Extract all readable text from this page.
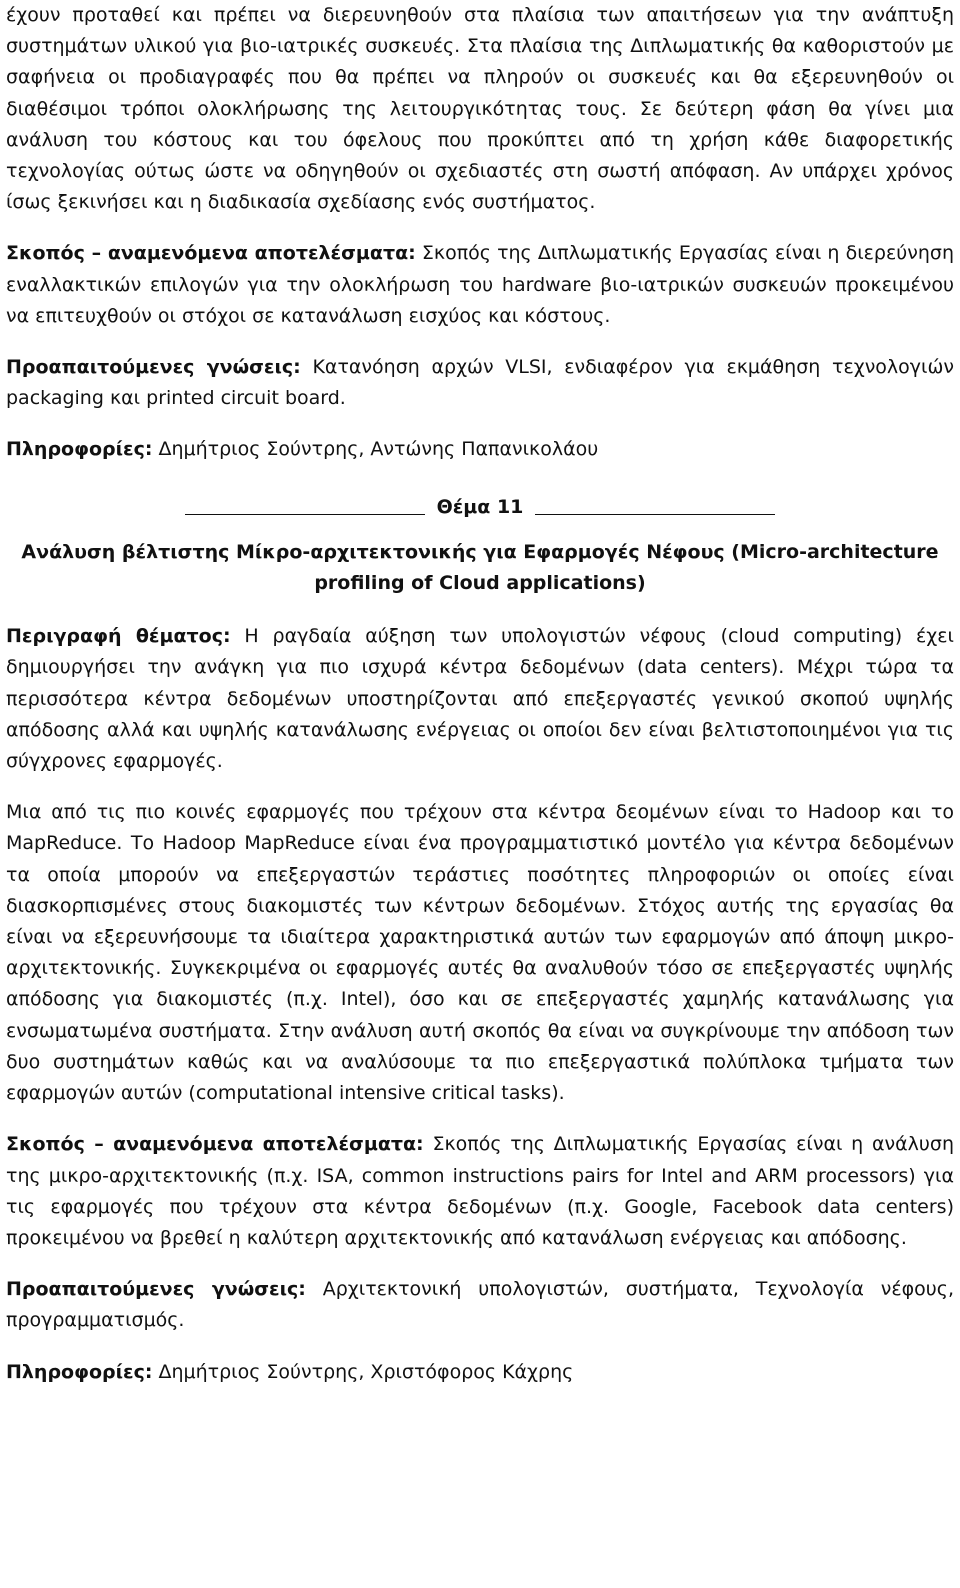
έχουν προταθεί και πρέπει να διερευνηθούν στα πλαίσια των απαιτήσεων για την ανάπτυξη συστημάτων υλικού για βιο-ιατρικές συσκευές. Στα πλαίσια της Διπλωματικής θα καθοριστούν με σαφήνεια οι προδιαγραφές που θα πρέπει να πληρούν οι συσκευές και θα εξερευνηθούν οι διαθέσιμοι τρόποι ολοκλήρωσης της λειτουργικότητας τους. Σε δεύτερη φάση θα γίνει μια ανάλυση του κόστους και του όφελους που προκύπτει από τη χρήση κάθε διαφορετικής τεχνολογίας ούτως ώστε να οδηγηθούν οι σχεδιαστές στη σωστή απόφαση. Αν υπάρχει χρόνος ίσως ξεκινήσει και η διαδικασία σχεδίασης ενός συστήματος.

Σκοπός – αναμενόμενα αποτελέσματα: Σκοπός της Διπλωματικής Εργασίας είναι η διερεύνηση εναλλακτικών επιλογών για την ολοκλήρωση του hardware βιο-ιατρικών συσκευών προκειμένου να επιτευχθούν οι στόχοι σε κατανάλωση εισχύος και κόστους.

Προαπαιτούμενες γνώσεις: Κατανόηση αρχών VLSI, ενδιαφέρον για εκμάθηση τεχνολογιών packaging και printed circuit board.

Πληροφορίες: Δημήτριος Σούντρης, Αντώνης Παπανικολάου

Θέμα 11
Ανάλυση βέλτιστης Μίκρο-αρχιτεκτονικής για Εφαρμογές Νέφους (Micro-architecture profiling of Cloud applications)

Περιγραφή θέματος: Η ραγδαία αύξηση των υπολογιστών νέφους (cloud computing) έχει δημιουργήσει την ανάγκη για πιο ισχυρά κέντρα δεδομένων (data centers). Μέχρι τώρα τα περισσότερα κέντρα δεδομένων υποστηρίζονται από επεξεργαστές γενικού σκοπού υψηλής απόδοσης αλλά και υψηλής κατανάλωσης ενέργειας οι οποίοι δεν είναι βελτιστοποιημένοι για τις σύγχρονες εφαρμογές.

Μια από τις πιο κοινές εφαρμογές που τρέχουν στα κέντρα δεομένων είναι το Hadoop και το MapReduce. Το Hadoop MapReduce είναι ένα προγραμματιστικό μοντέλο για κέντρα δεδομένων τα οποία μπορούν να επεξεργαστών τεράστιες ποσότητες πληροφοριών οι οποίες είναι διασκορπισμένες στους διακομιστές των κέντρων δεδομένων. Στόχος αυτής της εργασίας θα είναι να εξερευνήσουμε τα ιδιαίτερα χαρακτηριστικά αυτών των εφαρμογών από άποψη μικρο-αρχιτεκτονικής. Συγκεκριμένα οι εφαρμογές αυτές θα αναλυθούν τόσο σε επεξεργαστές υψηλής απόδοσης για διακομιστές (π.χ. Intel), όσο και σε επεξεργαστές χαμηλής κατανάλωσης για ενσωματωμένα συστήματα. Στην ανάλυση αυτή σκοπός θα είναι να συγκρίνουμε την απόδοση των δυο συστημάτων καθώς και να αναλύσουμε τα πιο επεξεργαστικά πολύπλοκα τμήματα των εφαρμογών αυτών (computational intensive critical tasks).

Σκοπός – αναμενόμενα αποτελέσματα: Σκοπός της Διπλωματικής Εργασίας είναι η ανάλυση της μικρο-αρχιτεκτονικής (π.χ. ISA, common instructions pairs for Intel and ARM processors) για τις εφαρμογές που τρέχουν στα κέντρα δεδομένων (π.χ. Google, Facebook data centers) προκειμένου να βρεθεί η καλύτερη αρχιτεκτονικής από κατανάλωση ενέργειας και απόδοσης.

Προαπαιτούμενες γνώσεις: Αρχιτεκτονική υπολογιστών, συστήματα, Τεχνολογία νέφους, προγραμματισμός.

Πληροφορίες: Δημήτριος Σούντρης, Χριστόφορος Κάχρης
